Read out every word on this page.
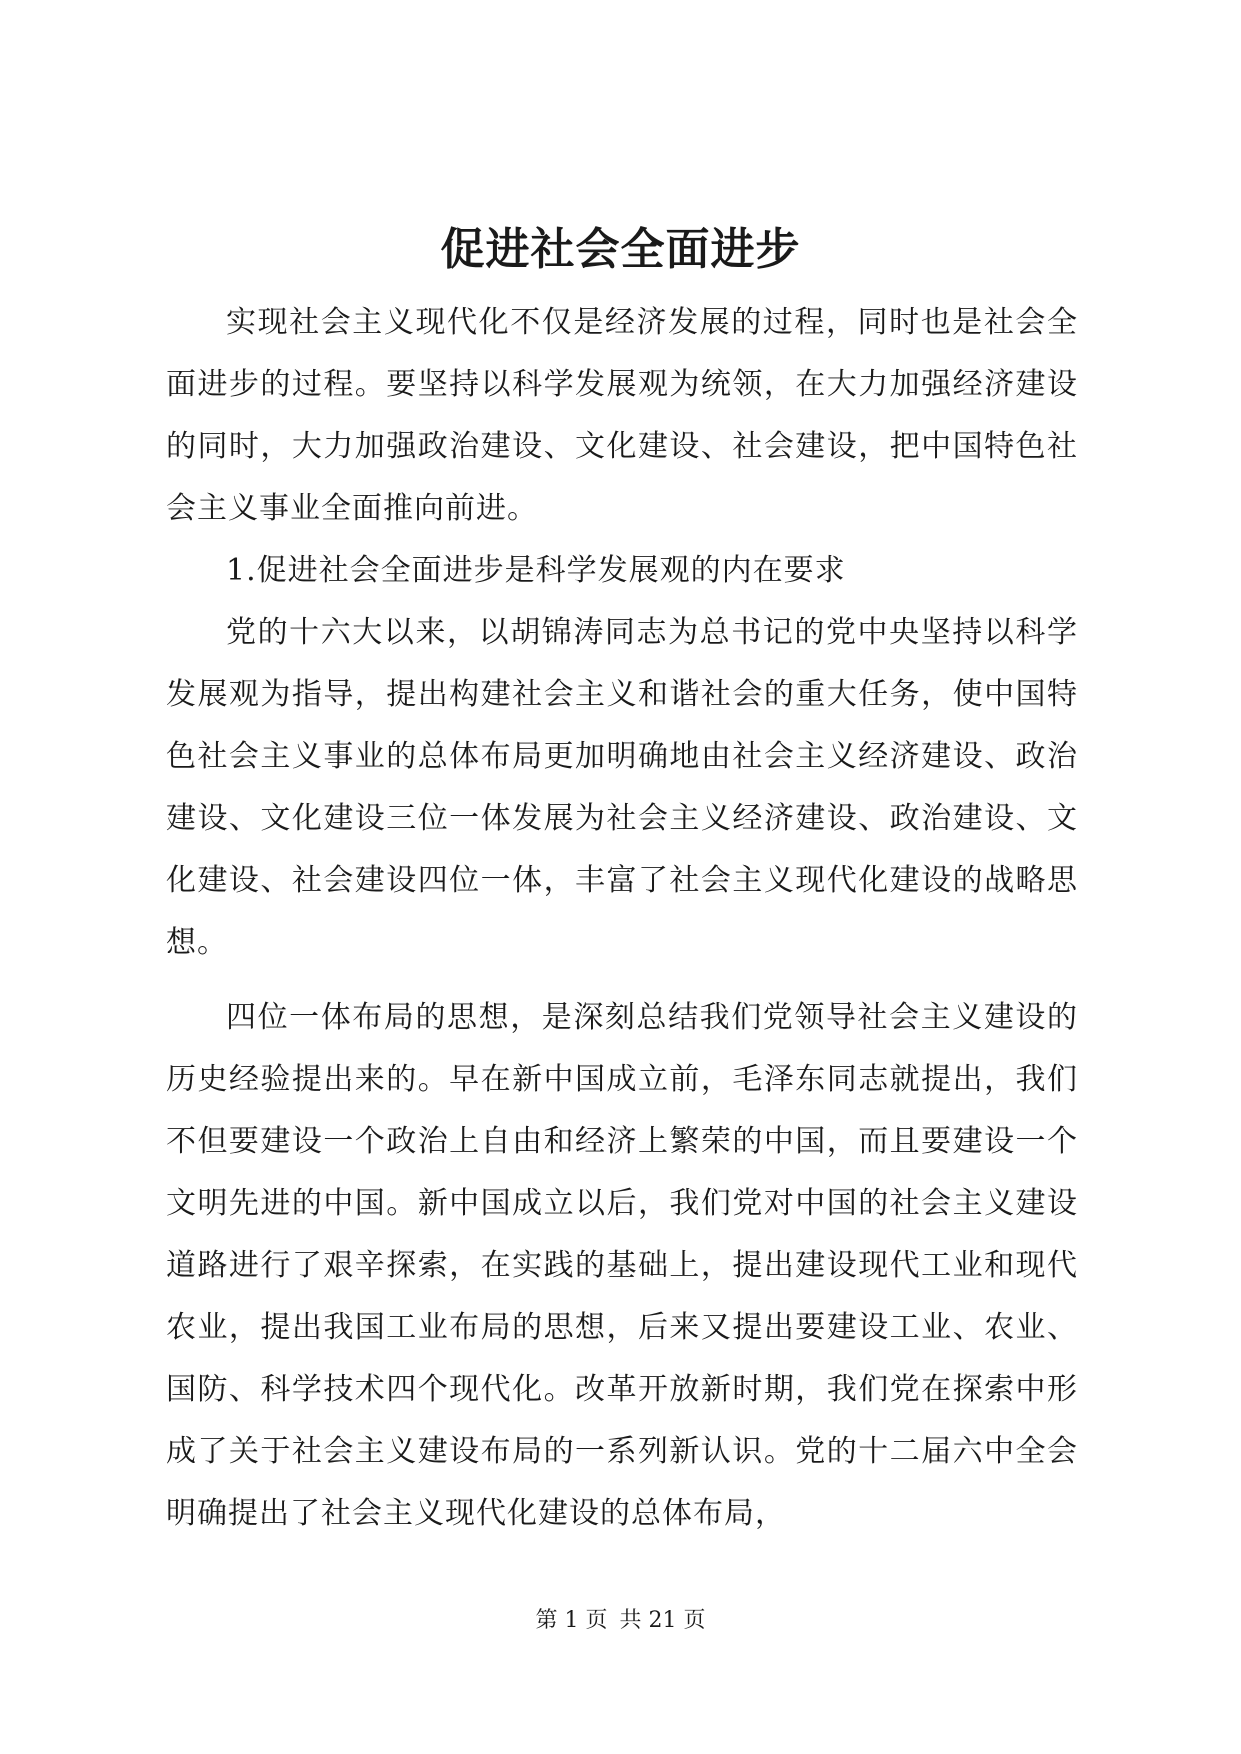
促进社会全面进步

实现社会主义现代化不仅是经济发展的过程，同时也是社会全面进步的过程。要坚持以科学发展观为统领，在大力加强经济建设的同时，大力加强政治建设、文化建设、社会建设，把中国特色社会主义事业全面推向前进。

1.促进社会全面进步是科学发展观的内在要求

党的十六大以来，以胡锦涛同志为总书记的党中央坚持以科学发展观为指导，提出构建社会主义和谐社会的重大任务，使中国特色社会主义事业的总体布局更加明确地由社会主义经济建设、政治建设、文化建设三位一体发展为社会主义经济建设、政治建设、文化建设、社会建设四位一体，丰富了社会主义现代化建设的战略思想。

四位一体布局的思想，是深刻总结我们党领导社会主义建设的历史经验提出来的。早在新中国成立前，毛泽东同志就提出，我们不但要建设一个政治上自由和经济上繁荣的中国，而且要建设一个文明先进的中国。新中国成立以后，我们党对中国的社会主义建设道路进行了艰辛探索，在实践的基础上，提出建设现代工业和现代农业，提出我国工业布局的思想，后来又提出要建设工业、农业、国防、科学技术四个现代化。改革开放新时期，我们党在探索中形成了关于社会主义建设布局的一系列新认识。党的十二届六中全会明确提出了社会主义现代化建设的总体布局，

第 1 页 共 21 页
